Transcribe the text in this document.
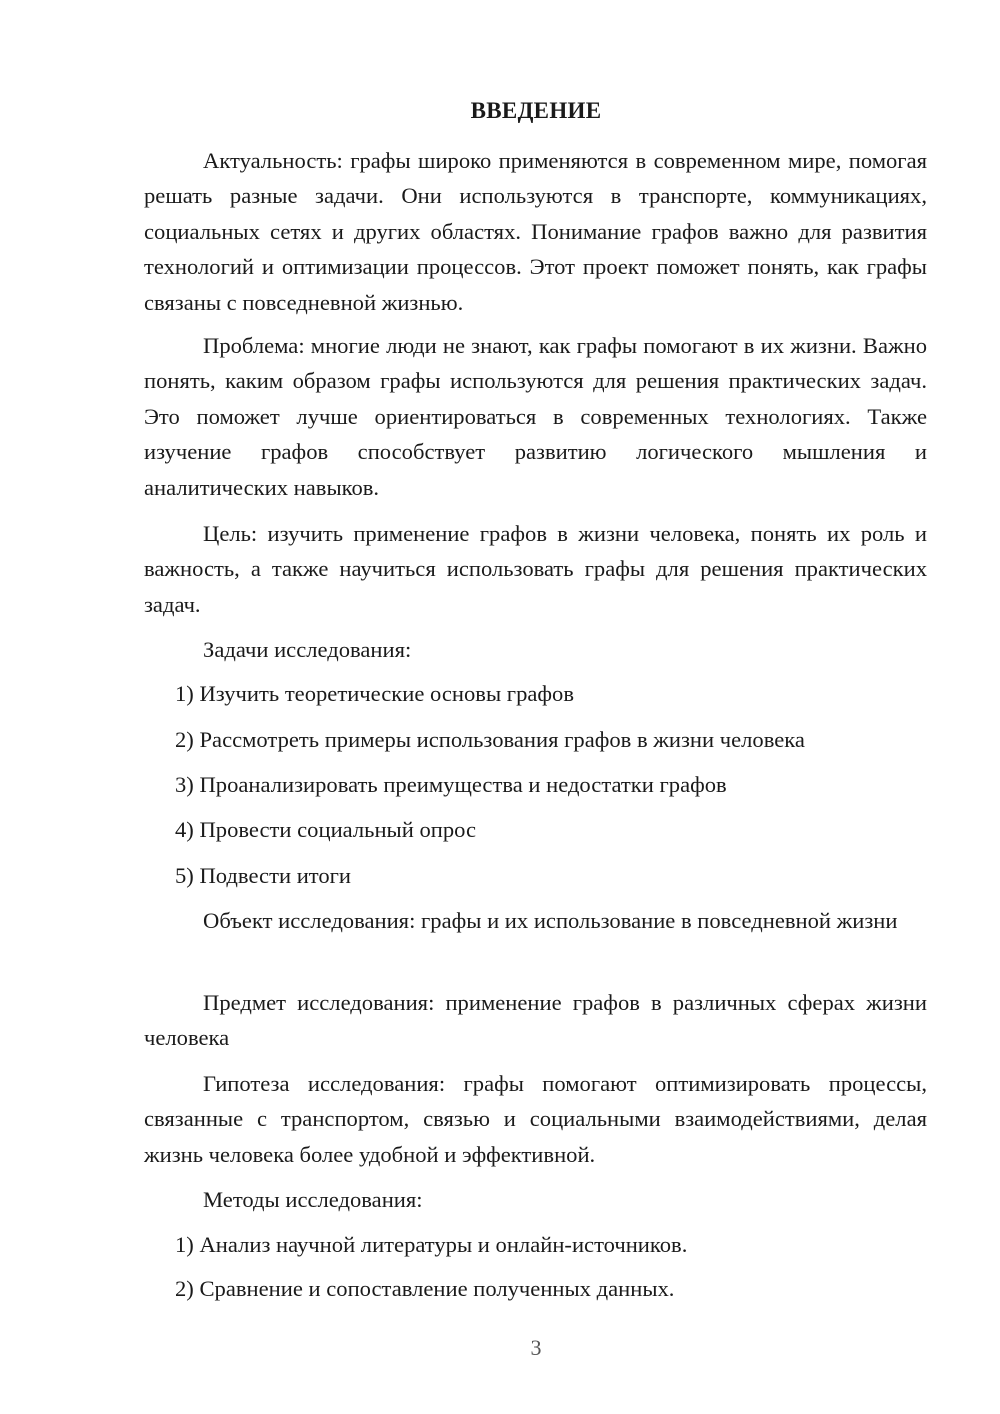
ВВЕДЕНИЕ

Актуальность: графы широко применяются в современном мире, помогая решать разные задачи. Они используются в транспорте, коммуникациях, социальных сетях и других областях. Понимание графов важно для развития технологий и оптимизации процессов. Этот проект поможет понять, как графы связаны с повседневной жизнью.

Проблема: многие люди не знают, как графы помогают в их жизни. Важно понять, каким образом графы используются для решения практических задач. Это поможет лучше ориентироваться в современных технологиях. Также изучение графов способствует развитию логического мышления и аналитических навыков.

Цель: изучить применение графов в жизни человека, понять их роль и важность, а также научиться использовать графы для решения практических задач.

Задачи исследования:

1) Изучить теоретические основы графов

2) Рассмотреть примеры использования графов в жизни человека

3) Проанализировать преимущества и недостатки графов

4) Провести социальный опрос

5) Подвести итоги

Объект исследования: графы и их использование в повседневной жизни

Предмет исследования: применение графов в различных сферах жизни человека

Гипотеза исследования: графы помогают оптимизировать процессы, связанные с транспортом, связью и социальными взаимодействиями, делая жизнь человека более удобной и эффективной.

Методы исследования:

1) Анализ научной литературы и онлайн-источников.

2) Сравнение и сопоставление полученных данных.

3
